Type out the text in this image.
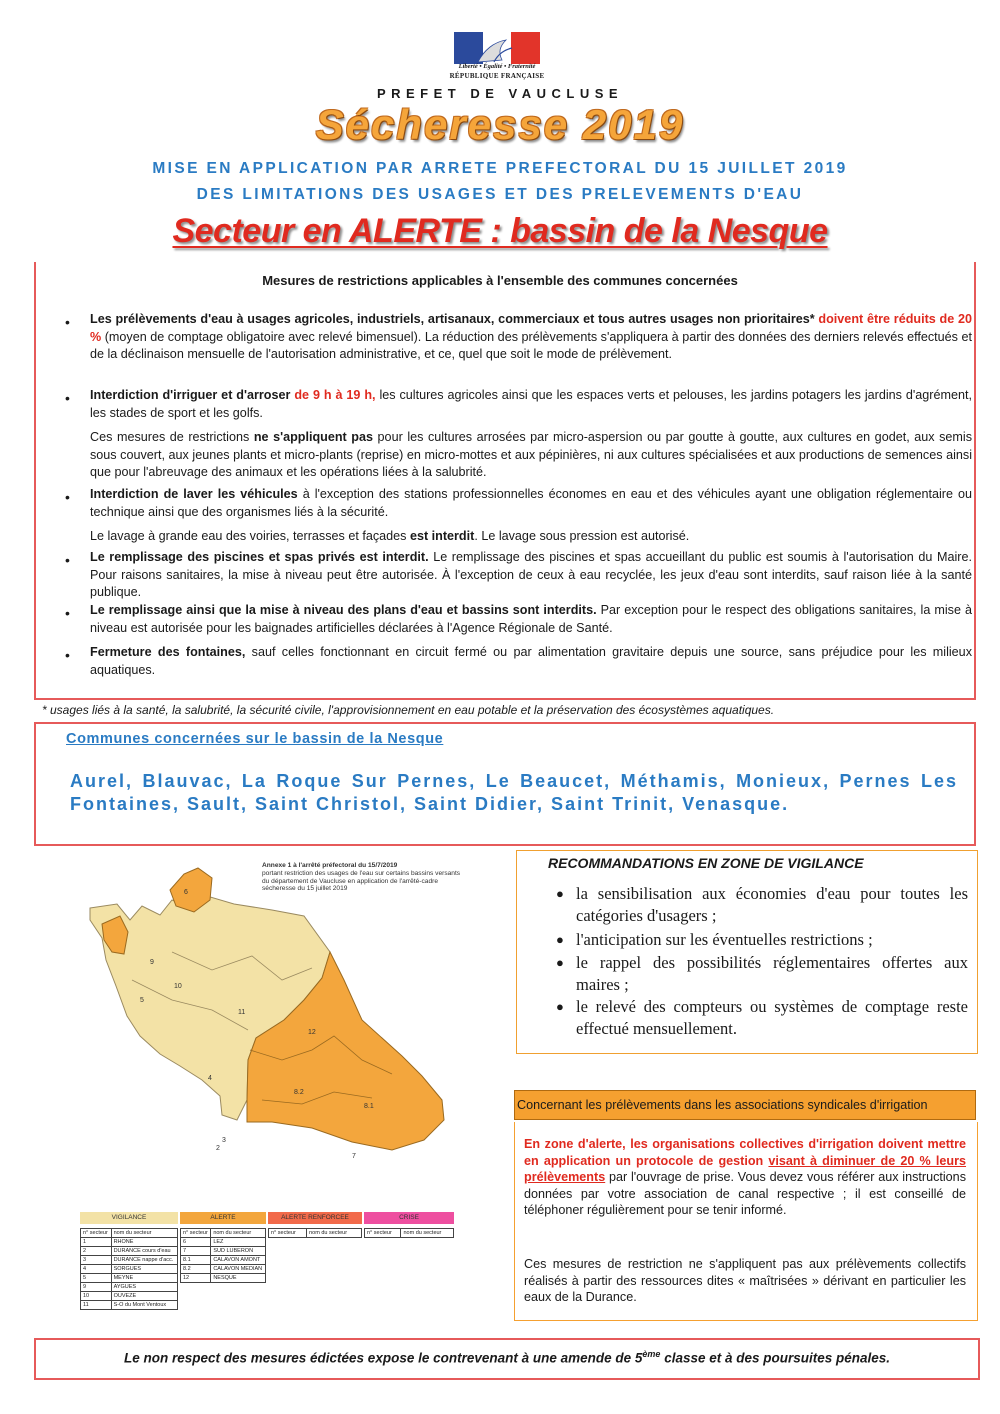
Liberté • Égalité • Fraternité
RÉPUBLIQUE FRANÇAISE
PREFET DE VAUCLUSE
Sécheresse 2019
MISE EN APPLICATION PAR ARRETE PREFECTORAL DU 15 JUILLET 2019
DES LIMITATIONS DES USAGES ET DES PRELEVEMENTS D'EAU
Secteur en ALERTE : bassin de la Nesque
Mesures de restrictions applicables à l'ensemble des communes concernées
• Les prélèvements d'eau à usages agricoles, industriels, artisanaux, commerciaux et tous autres usages non prioritaires* doivent être réduits de 20 % (moyen de comptage obligatoire avec relevé bimensuel). La réduction des prélèvements s'appliquera à partir des données des derniers relevés effectués et de la déclinaison mensuelle de l'autorisation administrative, et ce, quel que soit le mode de prélèvement.
• Interdiction d'irriguer et d'arroser de 9 h à 19 h, les cultures agricoles ainsi que les espaces verts et pelouses, les jardins potagers les jardins d'agrément, les stades de sport et les golfs.
Ces mesures de restrictions ne s'appliquent pas pour les cultures arrosées par micro-aspersion ou par goutte à goutte, aux cultures en godet, aux semis sous couvert, aux jeunes plants et micro-plants (reprise) en micro-mottes et aux pépinières, ni aux cultures spécialisées et aux productions de semences ainsi que pour l'abreuvage des animaux et les opérations liées à la salubrité.
• Interdiction de laver les véhicules à l'exception des stations professionnelles économes en eau et des véhicules ayant une obligation réglementaire ou technique ainsi que des organismes liés à la sécurité.
Le lavage à grande eau des voiries, terrasses et façades est interdit. Le lavage sous pression est autorisé.
• Le remplissage des piscines et spas privés est interdit. Le remplissage des piscines et spas accueillant du public est soumis à l'autorisation du Maire. Pour raisons sanitaires, la mise à niveau peut être autorisée. À l'exception de ceux à eau recyclée, les jeux d'eau sont interdits, sauf raison liée à la santé publique.
• Le remplissage ainsi que la mise à niveau des plans d'eau et bassins sont interdits. Par exception pour le respect des obligations sanitaires, la mise à niveau est autorisée pour les baignades artificielles déclarées à l'Agence Régionale de Santé.
• Fermeture des fontaines, sauf celles fonctionnant en circuit fermé ou par alimentation gravitaire depuis une source, sans préjudice pour les milieux aquatiques.
* usages liés à la santé, la salubrité, la sécurité civile, l'approvisionnement en eau potable et la préservation des écosystèmes aquatiques.
Communes concernées sur le bassin de la Nesque
Aurel, Blauvac, La Roque Sur Pernes, Le Beaucet, Méthamis, Monieux, Pernes Les Fontaines, Sault, Saint Christol, Saint Didier, Saint Trinit, Venasque.
6
9
10
5
11
12
4
8.2
8.1
3
2
7
Annexe 1 à l'arrêté préfectoral du 15/7/2019
portant restriction des usages de l'eau sur certains bassins versants du département de Vaucluse en application de l'arrêté-cadre sécheresse du 15 juillet 2019
VIGILANCE	ALERTE	ALERTE RENFORCEE	CRISE
n° secteur	nom du secteur
1	RHONE
2	DURANCE cours d'eau
3	DURANCE nappe d'acc.
4	SORGUES
5	MEYNE
9	AYGUES
10	OUVEZE
11	S-O du Mont Ventoux
n° secteur	nom du secteur
6	LEZ
7	SUD LUBERON
8.1	CALAVON AMONT
8.2	CALAVON MEDIAN
12	NESQUE
n° secteur	nom du secteur	n° secteur	nom du secteur
RECOMMANDATIONS EN ZONE DE VIGILANCE
● la sensibilisation aux économies d'eau pour toutes les catégories d'usagers ;
● l'anticipation sur les éventuelles restrictions ;
● le rappel des possibilités réglementaires offertes aux maires ;
● le relevé des compteurs ou systèmes de comptage reste effectué mensuellement.
Concernant les prélèvements dans les associations syndicales d'irrigation
En zone d'alerte, les organisations collectives d'irrigation doivent mettre en application un protocole de gestion visant à diminuer de 20 % leurs prélèvements par l'ouvrage de prise. Vous devez vous référer aux instructions données par votre association de canal respective ; il est conseillé de téléphoner régulièrement pour se tenir informé.
Ces mesures de restriction ne s'appliquent pas aux prélèvements collectifs réalisés à partir des ressources dites « maîtrisées » dérivant en particulier les eaux de la Durance.
Le non respect des mesures édictées expose le contrevenant à une amende de 5ème classe et à des poursuites pénales.
